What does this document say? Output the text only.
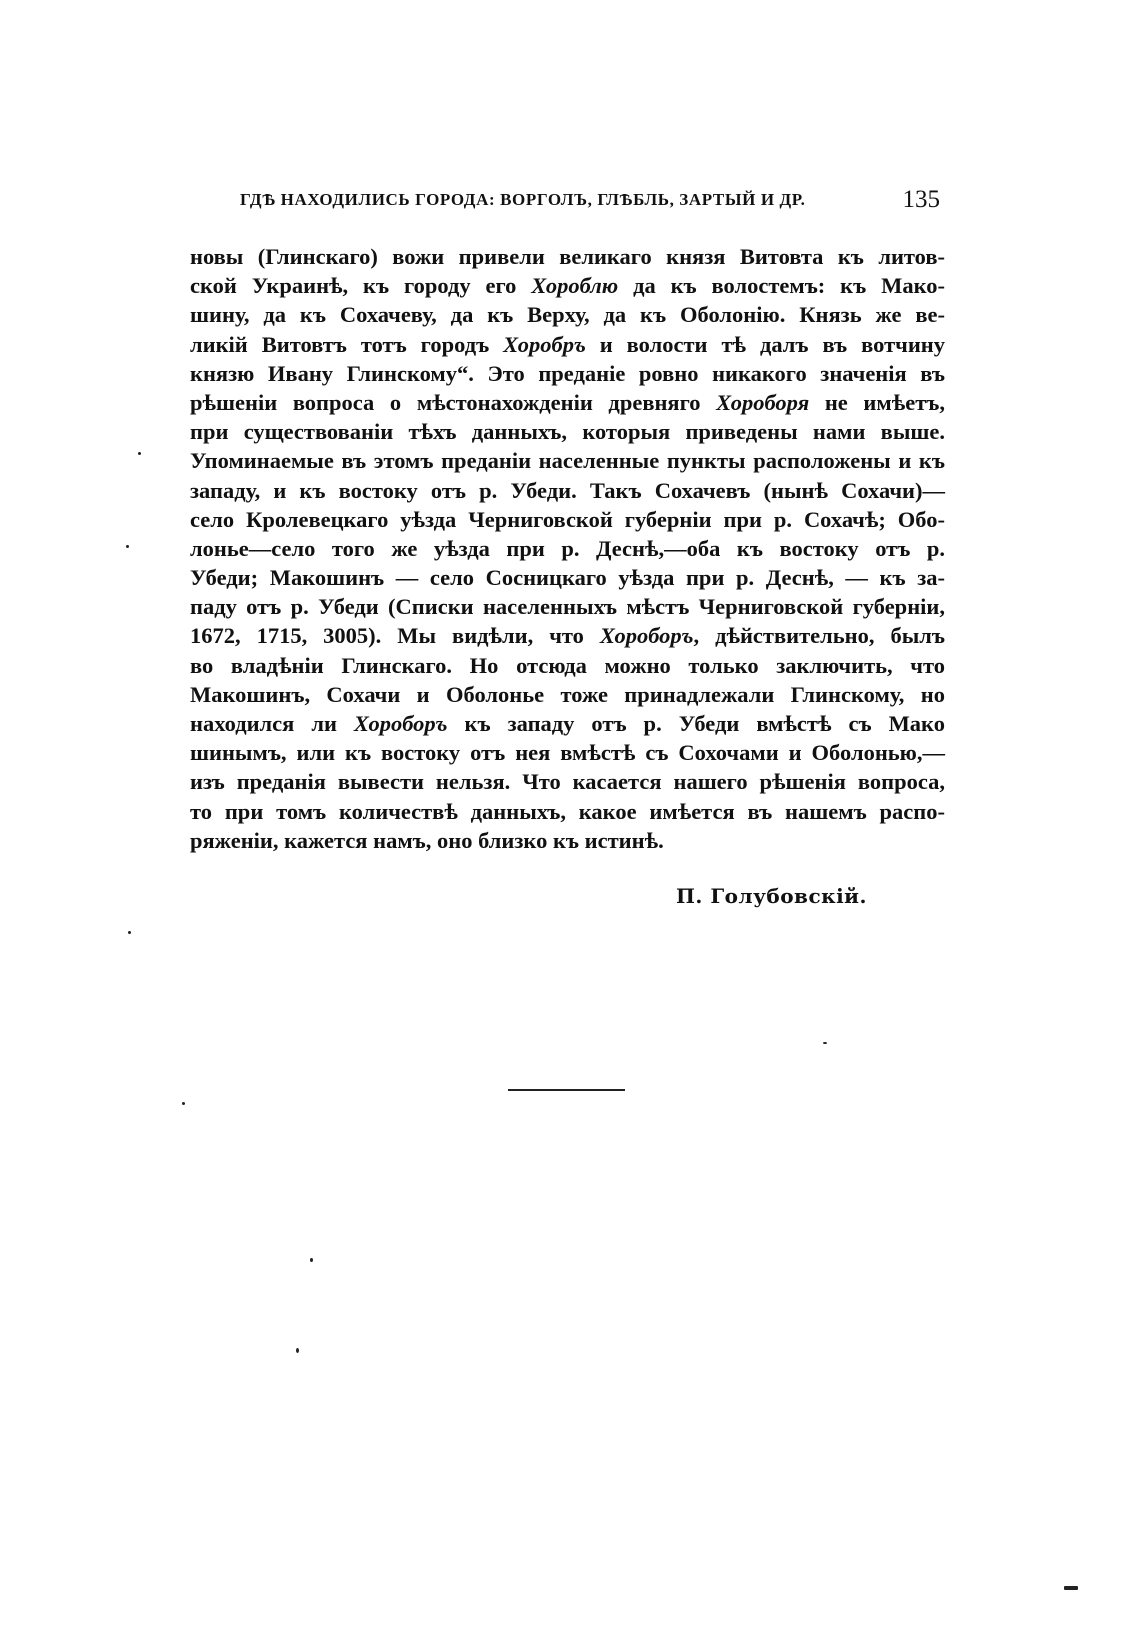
ГДѢ НАХОДИЛИСЬ ГОРОДА: ВОРГОЛЪ, ГЛѢБЛЬ, ЗАРТЫЙ И ДР.	135
новы (Глинскаго) вожи привели великаго князя Витовта къ литов-
ской Украинѣ, къ городу его Хороблю да къ волостемъ: къ Мако-
шину, да къ Сохачеву, да къ Верху, да къ Оболонію. Князь же ве-
ликій Витовтъ тотъ городъ Хоробръ и волости тѣ далъ въ вотчину
князю Ивану Глинскому“. Это преданіе ровно никакого значенія въ
рѣшеніи вопроса о мѣстонахожденіи древняго Хороборя не имѣетъ,
при существованіи тѣхъ данныхъ, которыя приведены нами выше.
Упоминаемые въ этомъ преданіи населенные пункты расположены и къ
западу, и къ востоку отъ р. Убеди. Такъ Сохачевъ (нынѣ Сохачи)—
село Кролевецкаго уѣзда Черниговской губерніи при р. Сохачѣ; Обо-
лонье—село того же уѣзда при р. Деснѣ,—оба къ востоку отъ р.
Убеди; Макошинъ — село Сосницкаго уѣзда при р. Деснѣ, — къ за-
паду отъ р. Убеди (Списки населенныхъ мѣстъ Черниговской губерніи,
1672, 1715, 3005). Мы видѣли, что Хороборъ, дѣйствительно, былъ
во владѣніи Глинскаго. Но отсюда можно только заключить, что
Макошинъ, Сохачи и Оболонье тоже принадлежали Глинскому, но
находился ли Хороборъ къ западу отъ р. Убеди вмѣстѣ съ Мако
шинымъ, или къ востоку отъ нея вмѣстѣ съ Сохочами и Оболонью,—
изъ преданія вывести нельзя. Что касается нашего рѣшенія вопроса,
то при томъ количествѣ данныхъ, какое имѣется въ нашемъ распо-
ряженіи, кажется намъ, оно близко къ истинѣ.
П. Голубовскій.
